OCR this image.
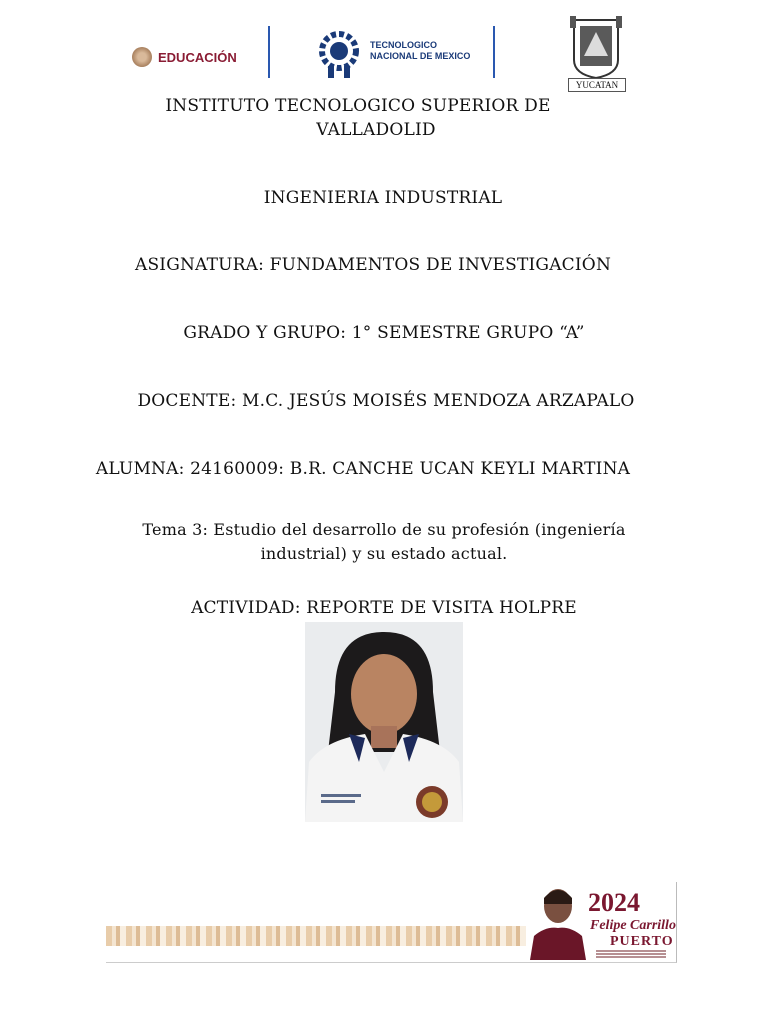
EDUCACIÓN
TECNOLOGICO
NACIONAL DE MEXICO
YUCATAN
INSTITUTO TECNOLOGICO SUPERIOR DE
VALLADOLID
INGENIERIA INDUSTRIAL
ASIGNATURA: FUNDAMENTOS DE INVESTIGACIÓN
GRADO Y GRUPO: 1° SEMESTRE GRUPO “A”
DOCENTE: M.C. JESÚS MOISÉS MENDOZA ARZAPALO
ALUMNA: 24160009: B.R. CANCHE UCAN KEYLI MARTINA
Tema 3: Estudio del desarrollo de su profesión (ingeniería
industrial) y su estado actual.
ACTIVIDAD: REPORTE DE VISITA HOLPRE
2024
Felipe Carrillo
PUERTO
